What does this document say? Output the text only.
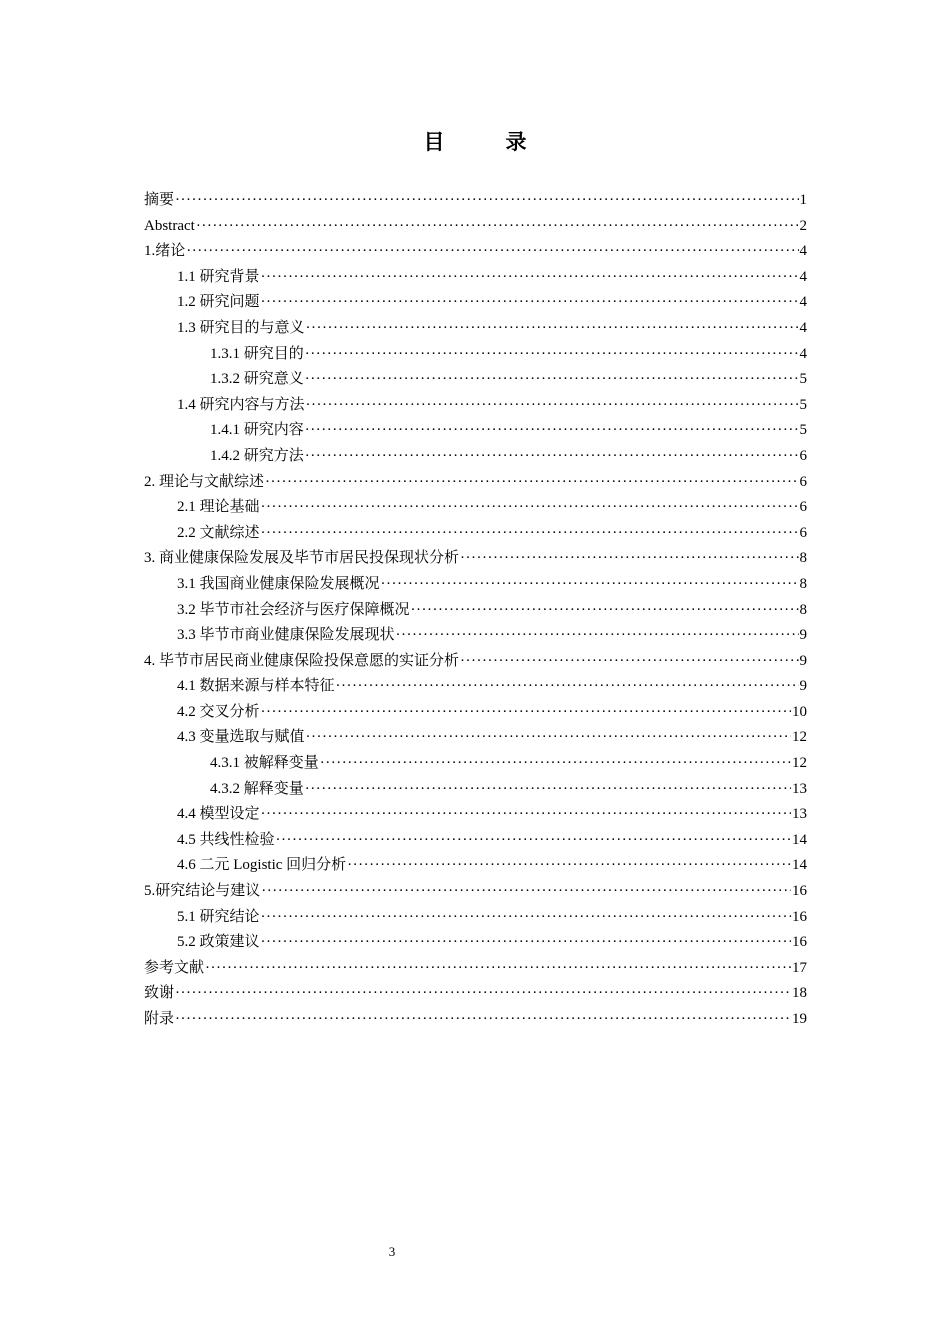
目　录
摘要 ·····	1
Abstract ·····	2
1.绪论 ·····	4
1.1 研究背景 ·····	4
1.2 研究问题 ·····	4
1.3 研究目的与意义 ·····	4
1.3.1 研究目的 ·····	4
1.3.2 研究意义 ·····	5
1.4 研究内容与方法 ·····	5
1.4.1 研究内容 ·····	5
1.4.2 研究方法 ·····	6
2. 理论与文献综述 ·····	6
2.1 理论基础 ·····	6
2.2 文献综述 ·····	6
3. 商业健康保险发展及毕节市居民投保现状分析 ·····	8
3.1 我国商业健康保险发展概况 ·····	8
3.2 毕节市社会经济与医疗保障概况 ·····	8
3.3 毕节市商业健康保险发展现状 ·····	9
4. 毕节市居民商业健康保险投保意愿的实证分析 ·····	9
4.1 数据来源与样本特征 ·····	9
4.2 交叉分析 ·····	10
4.3 变量选取与赋值 ·····	12
4.3.1 被解释变量 ·····	12
4.3.2 解释变量 ·····	13
4.4 模型设定 ·····	13
4.5 共线性检验 ·····	14
4.6 二元 Logistic 回归分析 ·····	14
5.研究结论与建议 ·····	16
5.1 研究结论 ·····	16
5.2 政策建议 ·····	16
参考文献 ·····	17
致谢 ·····	18
附录 ·····	19
3
